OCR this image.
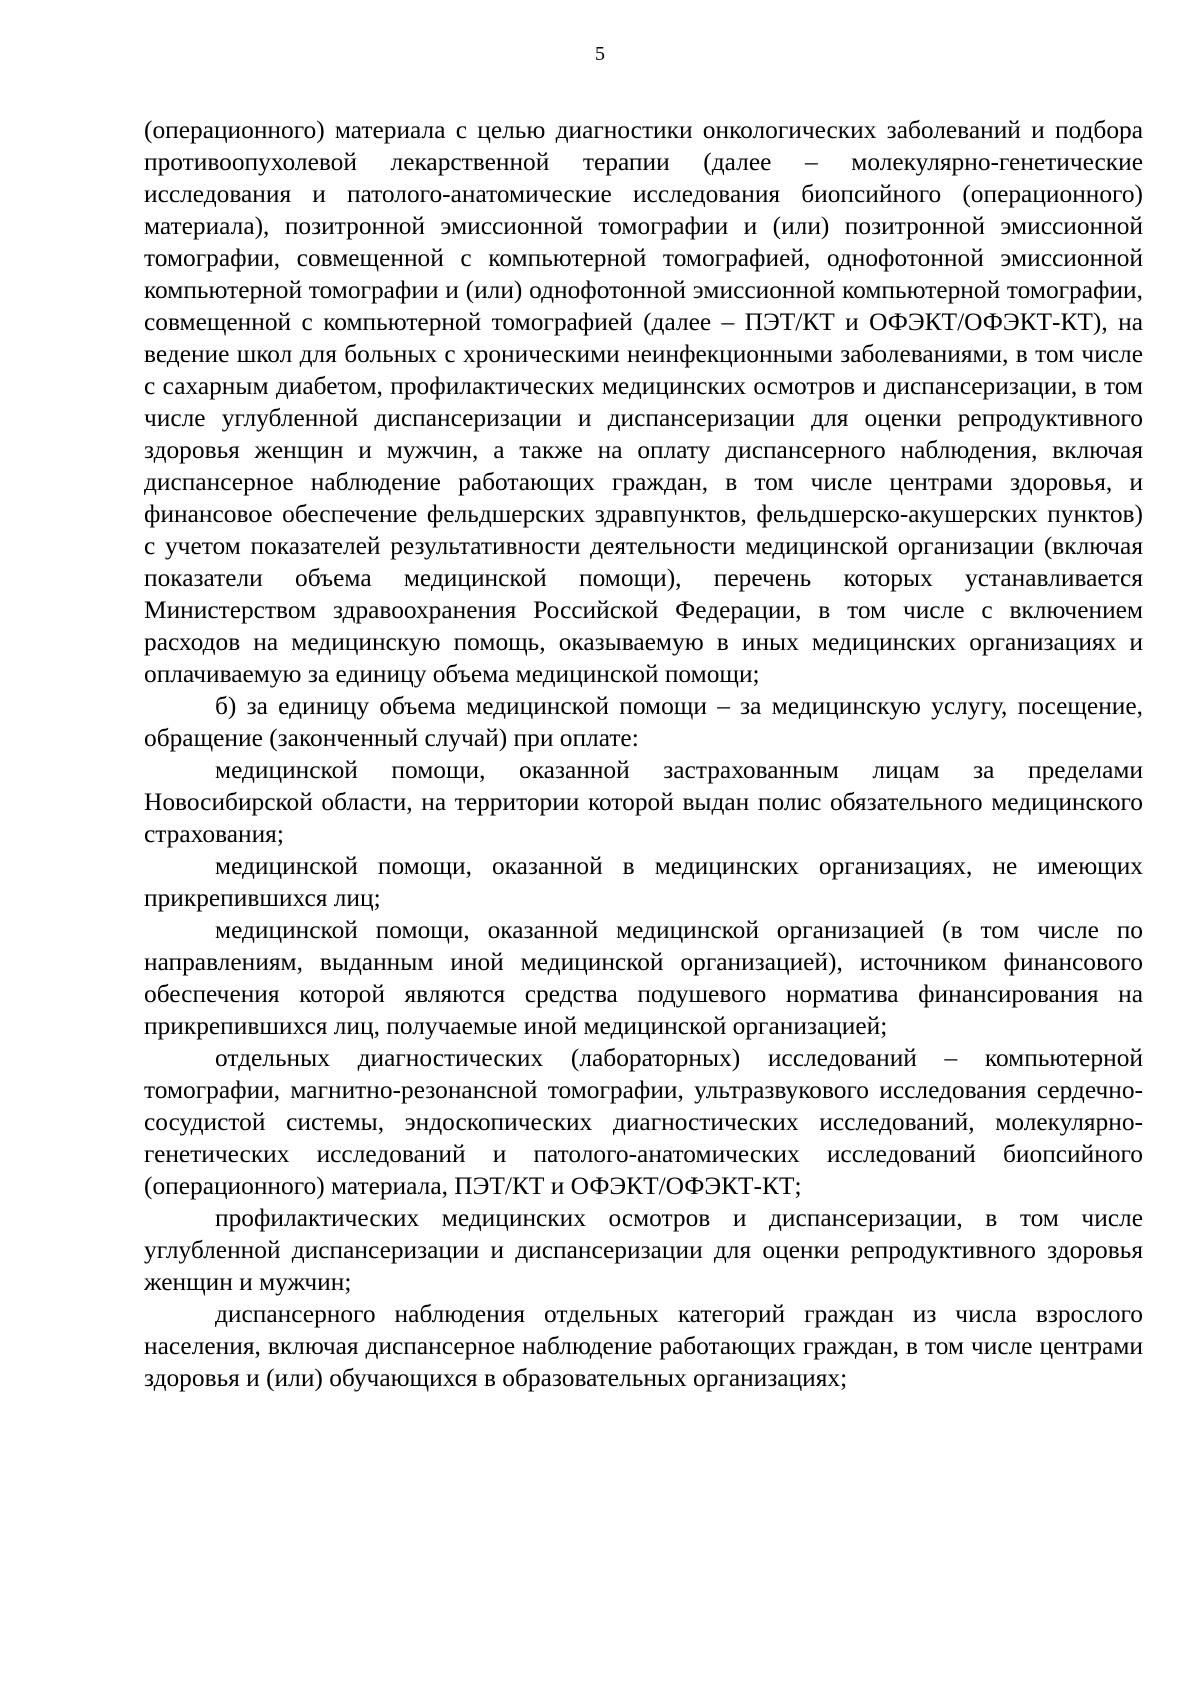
5

(операционного) материала с целью диагностики онкологических заболеваний и подбора противоопухолевой лекарственной терапии (далее – молекулярно-генетические исследования и патолого-анатомические исследования биопсийного (операционного) материала), позитронной эмиссионной томографии и (или) позитронной эмиссионной томографии, совмещенной с компьютерной томографией, однофотонной эмиссионной компьютерной томографии и (или) однофотонной эмиссионной компьютерной томографии, совмещенной с компьютерной томографией (далее – ПЭТ/КТ и ОФЭКТ/ОФЭКТ-КТ), на ведение школ для больных с хроническими неинфекционными заболеваниями, в том числе с сахарным диабетом, профилактических медицинских осмотров и диспансеризации, в том числе углубленной диспансеризации и диспансеризации для оценки репродуктивного здоровья женщин и мужчин, а также на оплату диспансерного наблюдения, включая диспансерное наблюдение работающих граждан, в том числе центрами здоровья, и финансовое обеспечение фельдшерских здравпунктов, фельдшерско-акушерских пунктов) с учетом показателей результативности деятельности медицинской организации (включая показатели объема медицинской помощи), перечень которых устанавливается Министерством здравоохранения Российской Федерации, в том числе с включением расходов на медицинскую помощь, оказываемую в иных медицинских организациях и оплачиваемую за единицу объема медицинской помощи;

б) за единицу объема медицинской помощи – за медицинскую услугу, посещение, обращение (законченный случай) при оплате:

медицинской помощи, оказанной застрахованным лицам за пределами Новосибирской области, на территории которой выдан полис обязательного медицинского страхования;

медицинской помощи, оказанной в медицинских организациях, не имеющих прикрепившихся лиц;

медицинской помощи, оказанной медицинской организацией (в том числе по направлениям, выданным иной медицинской организацией), источником финансового обеспечения которой являются средства подушевого норматива финансирования на прикрепившихся лиц, получаемые иной медицинской организацией;

отдельных диагностических (лабораторных) исследований – компьютерной томографии, магнитно-резонансной томографии, ультразвукового исследования сердечно-сосудистой системы, эндоскопических диагностических исследований, молекулярно-генетических исследований и патолого-анатомических исследований биопсийного (операционного) материала, ПЭТ/КТ и ОФЭКТ/ОФЭКТ-КТ;

профилактических медицинских осмотров и диспансеризации, в том числе углубленной диспансеризации и диспансеризации для оценки репродуктивного здоровья женщин и мужчин;

диспансерного наблюдения отдельных категорий граждан из числа взрослого населения, включая диспансерное наблюдение работающих граждан, в том числе центрами здоровья и (или) обучающихся в образовательных организациях;
